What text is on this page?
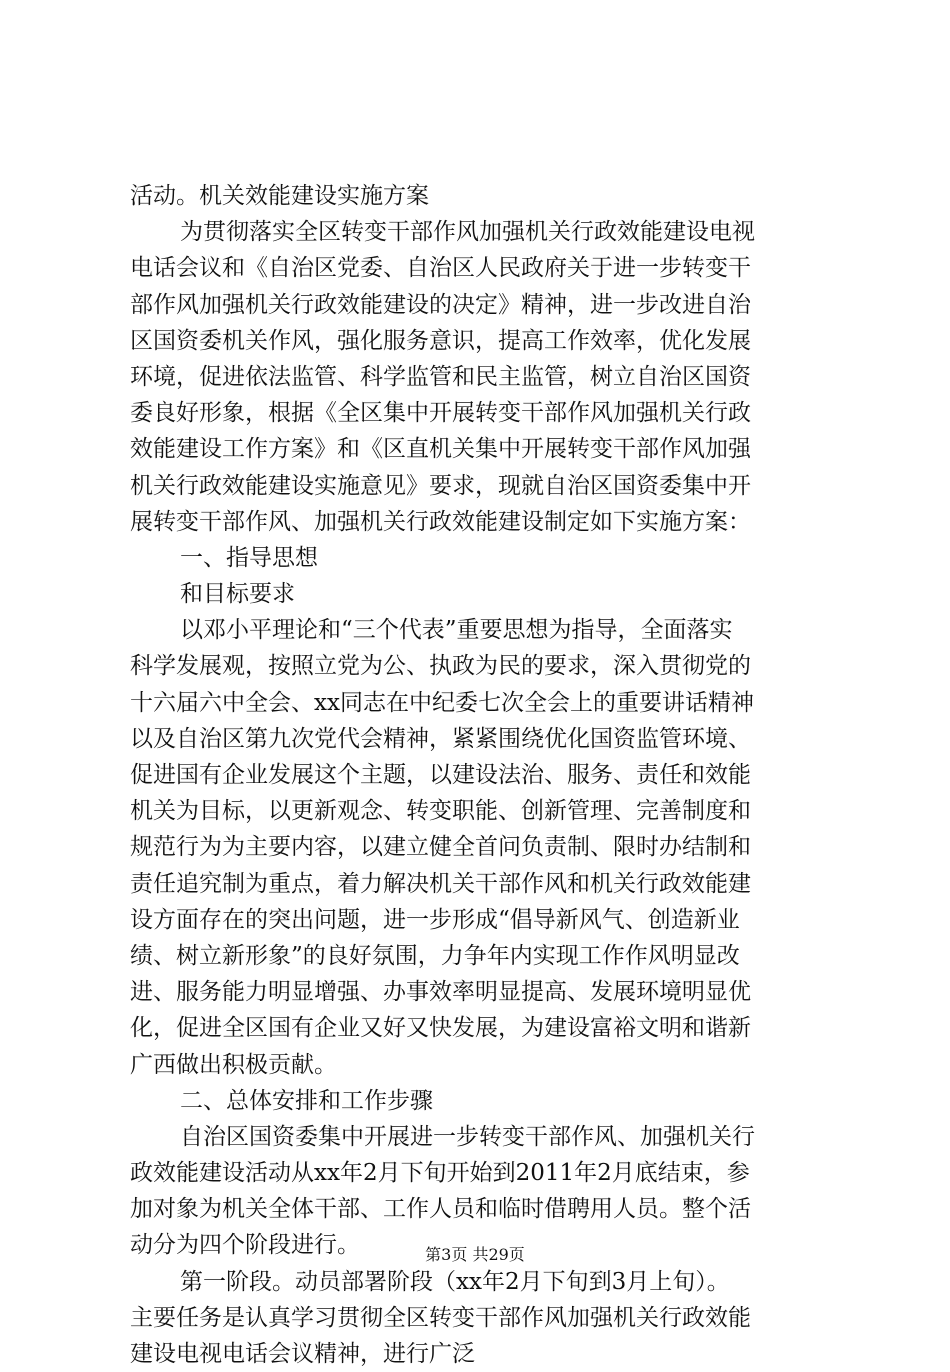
活动。机关效能建设实施方案
为贯彻落实全区转变干部作风加强机关行政效能建设电视
电话会议和《自治区党委、自治区人民政府关于进一步转变干
部作风加强机关行政效能建设的决定》精神，进一步改进自治
区国资委机关作风，强化服务意识，提高工作效率，优化发展
环境，促进依法监管、科学监管和民主监管，树立自治区国资
委良好形象，根据《全区集中开展转变干部作风加强机关行政
效能建设工作方案》和《区直机关集中开展转变干部作风加强
机关行政效能建设实施意见》要求，现就自治区国资委集中开
展转变干部作风、加强机关行政效能建设制定如下实施方案：
一、指导思想
和目标要求
以邓小平理论和“三个代表”重要思想为指导，全面落实
科学发展观，按照立党为公、执政为民的要求，深入贯彻党的
十六届六中全会、xx同志在中纪委七次全会上的重要讲话精神
以及自治区第九次党代会精神，紧紧围绕优化国资监管环境、
促进国有企业发展这个主题，以建设法治、服务、责任和效能
机关为目标，以更新观念、转变职能、创新管理、完善制度和
规范行为为主要内容，以建立健全首问负责制、限时办结制和
责任追究制为重点，着力解决机关干部作风和机关行政效能建
设方面存在的突出问题，进一步形成“倡导新风气、创造新业
绩、树立新形象”的良好氛围，力争年内实现工作作风明显改
进、服务能力明显增强、办事效率明显提高、发展环境明显优
化，促进全区国有企业又好又快发展，为建设富裕文明和谐新
广西做出积极贡献。
二、总体安排和工作步骤
自治区国资委集中开展进一步转变干部作风、加强机关行
政效能建设活动从xx年2月下旬开始到2011年2月底结束，参
加对象为机关全体干部、工作人员和临时借聘用人员。整个活
动分为四个阶段进行。
第一阶段。动员部署阶段（xx年2月下旬到3月上旬）。
主要任务是认真学习贯彻全区转变干部作风加强机关行政效能
建设电视电话会议精神，进行广泛
第3页 共29页
